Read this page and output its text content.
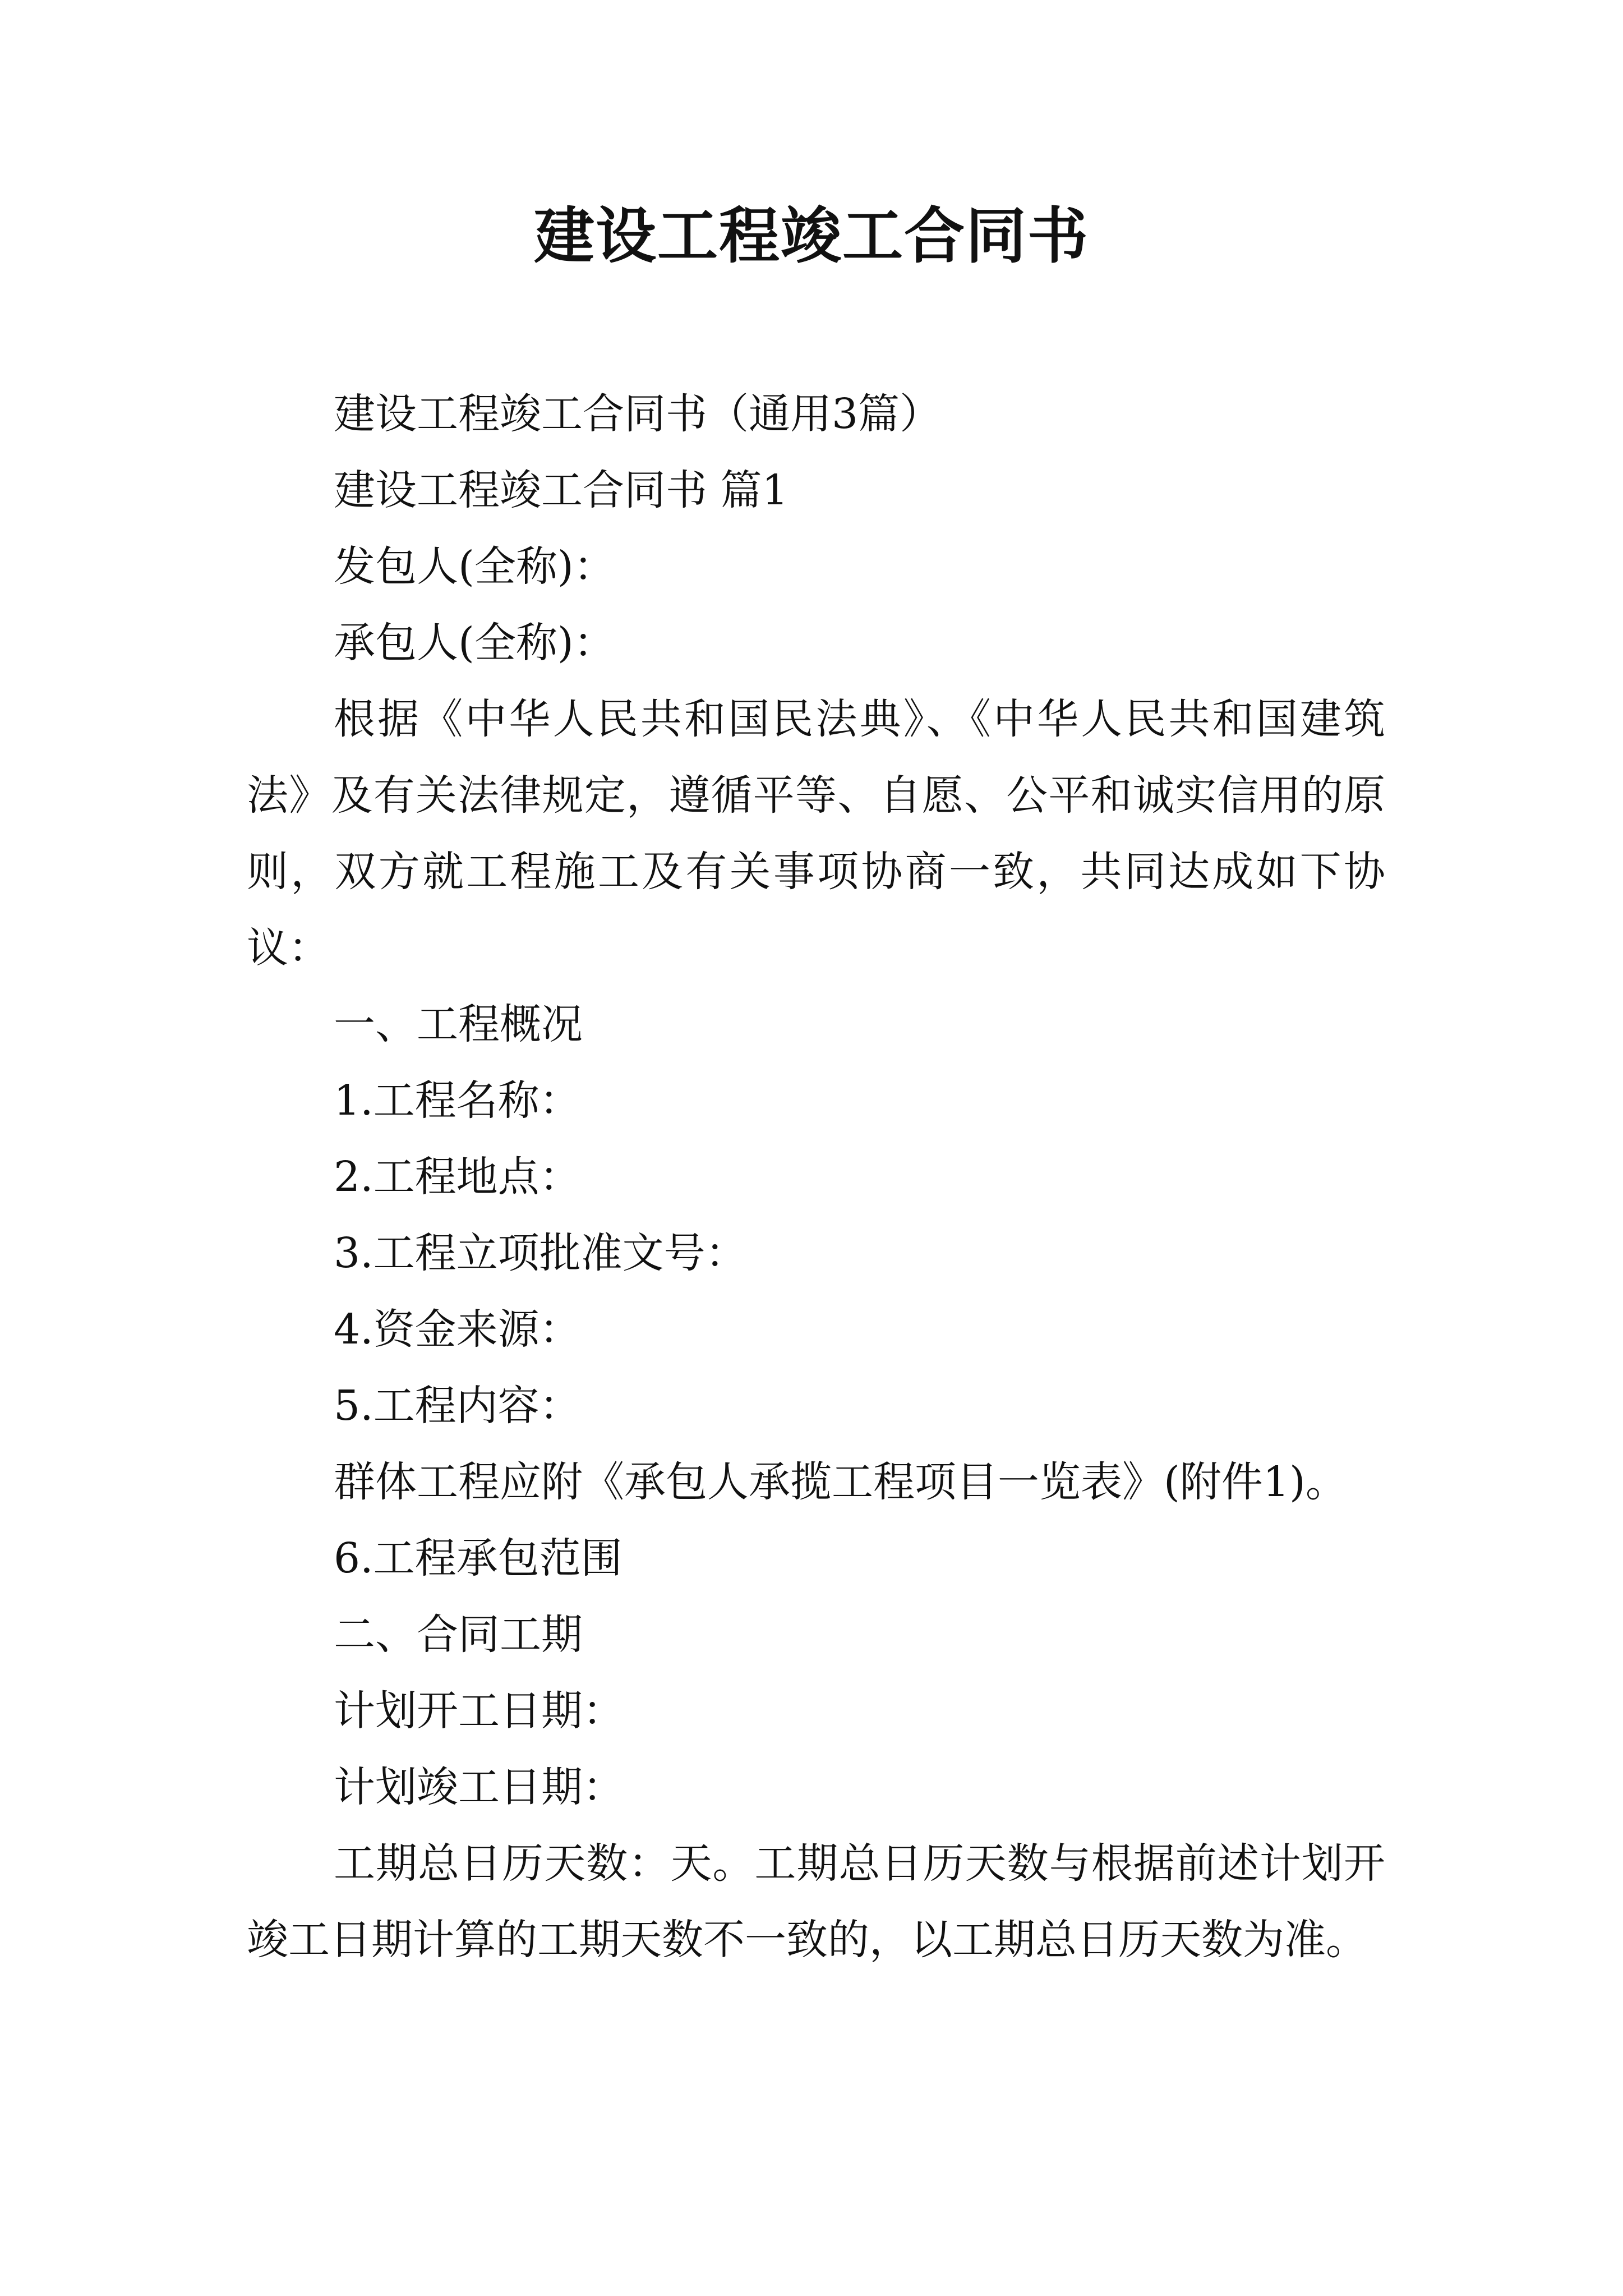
建设工程竣工合同书

建设工程竣工合同书（通用3篇）

建设工程竣工合同书 篇1

发包人(全称)：

承包人(全称)：

根据《中华人民共和国民法典》、《中华人民共和国建筑法》及有关法律规定，遵循平等、自愿、公平和诚实信用的原则，双方就工程施工及有关事项协商一致，共同达成如下协议：

一、工程概况

1.工程名称：

2.工程地点：

3.工程立项批准文号：

4.资金来源：

5.工程内容：

群体工程应附《承包人承揽工程项目一览表》(附件1)。

6.工程承包范围

二、合同工期

计划开工日期：

计划竣工日期：

工期总日历天数：天。工期总日历天数与根据前述计划开竣工日期计算的工期天数不一致的，以工期总日历天数为准。
